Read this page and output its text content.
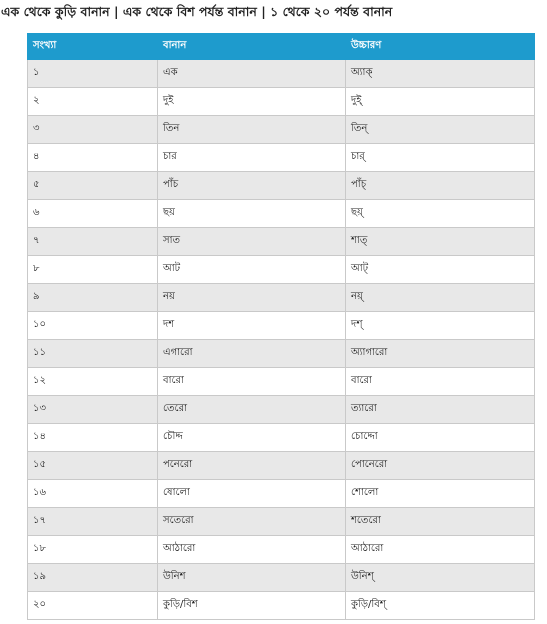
এক থেকে কুড়ি বানান | এক থেকে বিশ পর্যন্ত বানান | ১ থেকে ২০ পর্যন্ত বানান
সংখ্যা	বানান	উচ্চারণ
১	এক	অ্যাক্
২	দুই	দুই্
৩	তিন	তিন্
৪	চার	চার্
৫	পাঁচ	পাঁচ্
৬	ছয়	ছয়্
৭	সাত	শাত্
৮	আট	আট্
৯	নয়	নয়্
১০	দশ	দশ্
১১	এগারো	অ্যাগারো
১২	বারো	বারো
১৩	তেরো	ত্যারো
১৪	চৌদ্দ	চোদ্দো
১৫	পনেরো	পোনেরো
১৬	ষোলো	শোলো
১৭	সতেরো	শতেরো
১৮	আঠারো	আঠারো
১৯	উনিশ	উনিশ্
২০	কুড়ি/বিশ	কুড়ি/বিশ্
